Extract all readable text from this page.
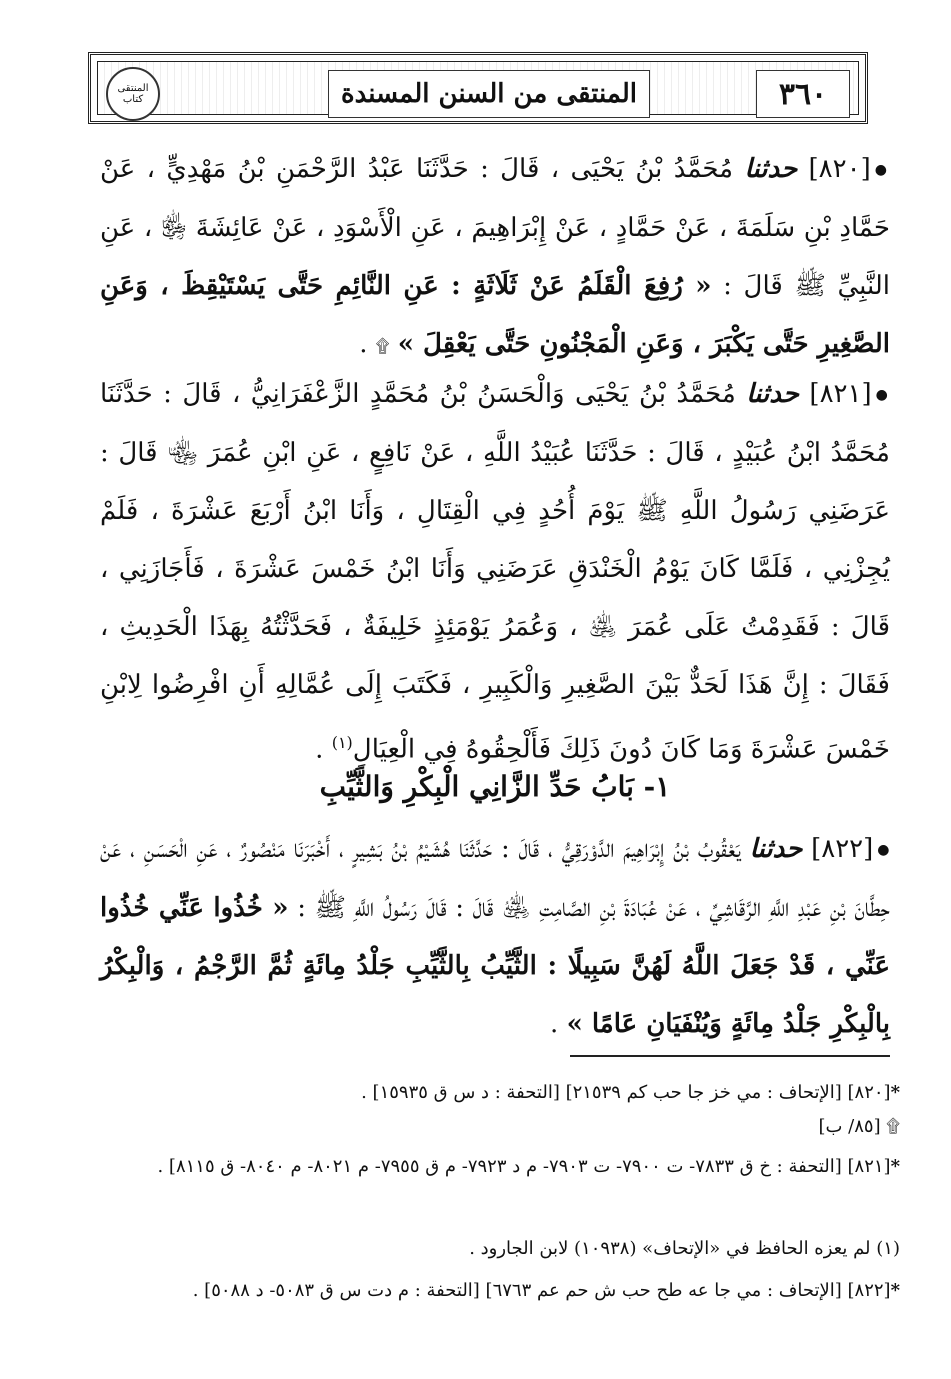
٣٦٠
المنتقى من السنن المسندة
المنتقى كتاب
●[٨٢٠] حدثنا مُحَمَّدُ بْنُ يَحْيَى ، قَالَ : حَدَّثَنَا عَبْدُ الرَّحْمَنِ بْنُ مَهْدِيٍّ ، عَنْ حَمَّادِ بْنِ سَلَمَةَ ، عَنْ حَمَّادٍ ، عَنْ إِبْرَاهِيمَ ، عَنِ الْأَسْوَدِ ، عَنْ عَائِشَةَ ﵂ ، عَنِ النَّبِيِّ ﷺ قَالَ : « رُفِعَ الْقَلَمُ عَنْ ثَلَاثَةٍ : عَنِ النَّائِمِ حَتَّى يَسْتَيْقِظَ ، وَعَنِ الصَّغِيرِ حَتَّى يَكْبَرَ ، وَعَنِ الْمَجْنُونِ حَتَّى يَعْقِلَ » ۩ .
●[٨٢١] حدثنا مُحَمَّدُ بْنُ يَحْيَى وَالْحَسَنُ بْنُ مُحَمَّدٍ الزَّعْفَرَانِيُّ ، قَالَ : حَدَّثَنَا مُحَمَّدُ ابْنُ عُبَيْدٍ ، قَالَ : حَدَّثَنَا عُبَيْدُ اللَّهِ ، عَنْ نَافِعٍ ، عَنِ ابْنِ عُمَرَ ﵄ قَالَ : عَرَضَنِي رَسُولُ اللَّهِ ﷺ يَوْمَ أُحُدٍ فِي الْقِتَالِ ، وَأَنَا ابْنُ أَرْبَعَ عَشْرَةَ ، فَلَمْ يُجِزْنِي ، فَلَمَّا كَانَ يَوْمُ الْخَنْدَقِ عَرَضَنِي وَأَنَا ابْنُ خَمْسَ عَشْرَةَ ، فَأَجَازَنِي ، قَالَ : فَقَدِمْتُ عَلَى عُمَرَ ﵁ ، وَعُمَرُ يَوْمَئِذٍ خَلِيفَةٌ ، فَحَدَّثْتُهُ بِهَذَا الْحَدِيثِ ، فَقَالَ : إِنَّ هَذَا لَحَدٌّ بَيْنَ الصَّغِيرِ وَالْكَبِيرِ ، فَكَتَبَ إِلَى عُمَّالِهِ أَنِ افْرِضُوا لِابْنِ خَمْسَ عَشْرَةَ وَمَا كَانَ دُونَ ذَلِكَ فَأَلْحِقُوهُ فِي الْعِيَالِ$^{(١)}$ .
١- بَابُ حَدِّ الزَّانِي الْبِكْرِ وَالثَّيِّبِ
●[٨٢٢] حدثنا يَعْقُوبُ بْنُ إِبْرَاهِيمَ الدَّوْرَقِيُّ ، قَالَ : حَدَّثَنَا هُشَيْمُ بْنُ بَشِيرٍ ، أَخْبَرَنَا مَنْصُورٌ ، عَنِ الْحَسَنِ ، عَنْ حِطَّانَ بْنِ عَبْدِ اللَّهِ الرَّقَاشِيِّ ، عَنْ عُبَادَةَ بْنِ الصَّامِتِ ﵁ قَالَ : قَالَ رَسُولُ اللَّهِ ﷺ : « خُذُوا عَنِّي خُذُوا عَنِّي ، قَدْ جَعَلَ اللَّهُ لَهُنَّ سَبِيلًا : الثَّيِّبُ بِالثَّيِّبِ جَلْدُ مِائَةٍ ثُمَّ الرَّجْمُ ، وَالْبِكْرُ بِالْبِكْرِ جَلْدُ مِائَةٍ وَيُنْفَيَانِ عَامًا » .
*[٨٢٠] [الإتحاف : مي خز جا حب كم ٢١٥٣٩] [التحفة : د س ق ١٥٩٣٥] .
۩ [٨٥/ ب]
*[٨٢١] [التحفة : خ ق ٧٨٣٣- ت ٧٩٠٠- ت ٧٩٠٣- م د ٧٩٢٣- م ق ٧٩٥٥- م ٨٠٢١- م ٨٠٤٠- ق ٨١١٥] .
(١) لم يعزه الحافظ في «الإتحاف» (١٠٩٣٨) لابن الجارود .
*[٨٢٢] [الإتحاف : مي جا عه طح حب ش حم عم ٦٧٦٣] [التحفة : م دت س ق ٥٠٨٣- د ٥٠٨٨] .
